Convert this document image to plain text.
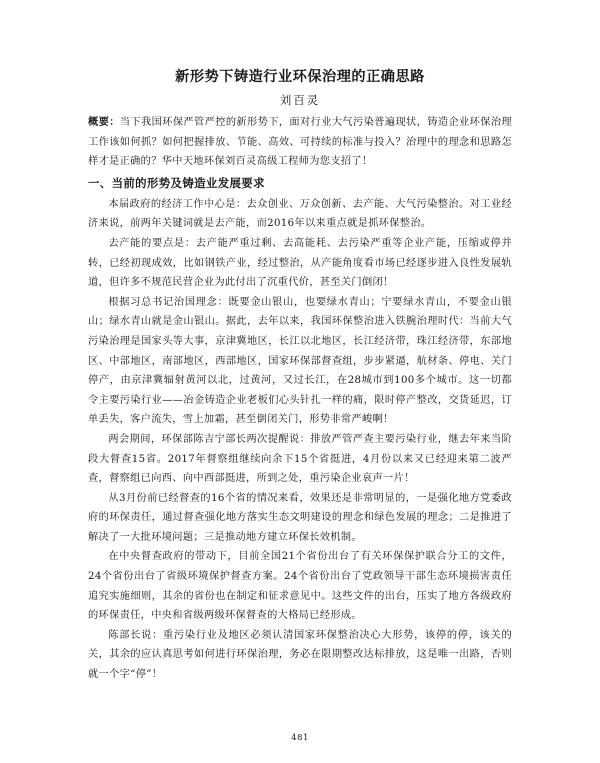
新形势下铸造行业环保治理的正确思路
刘百灵

概要：当下我国环保严管严控的新形势下，面对行业大气污染普遍现状，铸造企业环保治理工作该如何抓？如何把握排放、节能、高效、可持续的标准与投入？治理中的理念和思路怎样才是正确的？华中天地环保刘百灵高级工程师为您支招了！

一、当前的形势及铸造业发展要求

本届政府的经济工作中心是：去众创业、万众创新、去产能、大气污染整治。对工业经济来说，前两年关键词就是去产能，而2016年以来重点就是抓环保整治。

去产能的要点是：去产能严重过剩、去高能耗、去污染严重等企业产能，压缩或停并转，已经初现成效，比如钢铁产业，经过整治，从产能角度看市场已经逐步进入良性发展轨道，但许多不规范民营企业为此付出了沉重代价，甚至关门倒闭！

根据习总书记治国理念：既要金山银山，也要绿水青山；宁要绿水青山，不要金山银山；绿水青山就是金山银山。据此，去年以来，我国环保整治进入铁腕治理时代：当前大气污染治理是国家头等大事，京津冀地区，长江以北地区，长江经济带，珠江经济带，东部地区、中部地区，南部地区，西部地区，国家环保部督查组，步步紧逼，航材条、停电、关门停产，由京津冀辐射黄河以北，过黄河，又过长江，在28城市到100多个城市。这一切都令主要污染行业——冶金铸造企业老板们心头针扎一样的痛，限时停产整改，交货延迟，订单丢失，客户流失，雪上加霜，甚至倒闭关门，形势非常严峻啊！

两会期间，环保部陈吉宁部长两次提醒说：排放严管严查主要污染行业，继去年来当阶段大督查15省。2017年督察组继续向余下15个省挺进，4月份以来又已经迎来第二波严查，督察组已向西、向中西部挺进，所到之处，重污染企业哀声一片！

从3月份前已经督查的16个省的情况来看，效果还是非常明显的，一是强化地方党委政府的环保责任，通过督查强化地方落实生态文明建设的理念和绿色发展的理念；二是推进了解决了一大批环境问题；三是推动地方建立环保长效机制。

在中央督查政府的带动下，目前全国21个省份出台了有关环保保护联合分工的文件，24个省份出台了省级环境保护督查方案。24个省份出台了党政领导干部生态环境损害责任追究实施细则，其余的省份也在制定和征求意见中。这些文件的出台，压实了地方各级政府的环保责任，中央和省级两级环保督查的大格局已经形成。

陈部长说：重污染行业及地区必须认清国家环保整治决心大形势，该停的停，该关的关，其余的应认真思考如何进行环保治理，务必在限期整改达标排放，这是唯一出路，否则就一个字“停”！

481
